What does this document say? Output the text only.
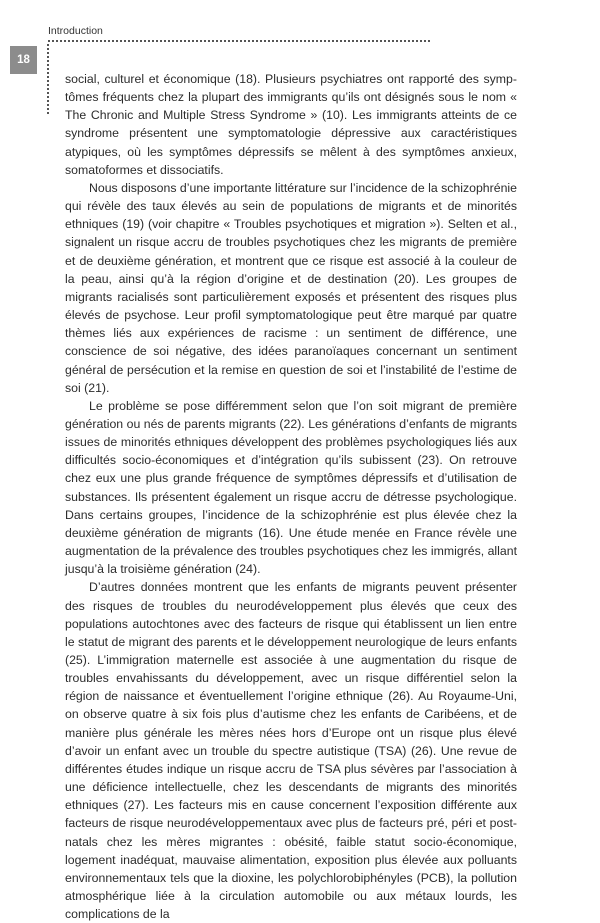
Introduction
18

social, culturel et économique (18). Plusieurs psychiatres ont rapporté des symptômes fréquents chez la plupart des immigrants qu’ils ont désignés sous le nom « The Chronic and Multiple Stress Syndrome » (10). Les immigrants atteints de ce syndrome présentent une symptomatologie dépressive aux caractéristiques atypiques, où les symptômes dépressifs se mêlent à des symptômes anxieux, somatoformes et dissociatifs.

Nous disposons d’une importante littérature sur l’incidence de la schizophrénie qui révèle des taux élevés au sein de populations de migrants et de minorités ethniques (19) (voir chapitre « Troubles psychotiques et migration »). Selten et al., signalent un risque accru de troubles psychotiques chez les migrants de première et de deuxième génération, et montrent que ce risque est associé à la couleur de la peau, ainsi qu’à la région d’origine et de destination (20). Les groupes de migrants racialisés sont particulièrement exposés et présentent des risques plus élevés de psychose. Leur profil symptomatologique peut être marqué par quatre thèmes liés aux expériences de racisme : un sentiment de différence, une conscience de soi négative, des idées paranoïaques concernant un sentiment général de persécution et la remise en question de soi et l’instabilité de l’estime de soi (21).

Le problème se pose différemment selon que l’on soit migrant de première génération ou nés de parents migrants (22). Les générations d’enfants de migrants issues de minorités ethniques développent des problèmes psychologiques liés aux difficultés socio-économiques et d’intégration qu’ils subissent (23). On retrouve chez eux une plus grande fréquence de symptômes dépressifs et d’utilisation de substances. Ils présentent également un risque accru de détresse psychologique. Dans certains groupes, l’incidence de la schizophrénie est plus élevée chez la deuxième génération de migrants (16). Une étude menée en France révèle une augmentation de la prévalence des troubles psychotiques chez les immigrés, allant jusqu’à la troisième génération (24).

D’autres données montrent que les enfants de migrants peuvent présenter des risques de troubles du neurodéveloppement plus élevés que ceux des populations autochtones avec des facteurs de risque qui établissent un lien entre le statut de migrant des parents et le développement neurologique de leurs enfants (25). L’immigration maternelle est associée à une augmentation du risque de troubles envahissants du développement, avec un risque différentiel selon la région de naissance et éventuellement l’origine ethnique (26). Au Royaume-Uni, on observe quatre à six fois plus d’autisme chez les enfants de Caribéens, et de manière plus générale les mères nées hors d’Europe ont un risque plus élevé d’avoir un enfant avec un trouble du spectre autistique (TSA) (26). Une revue de différentes études indique un risque accru de TSA plus sévères par l’association à une déficience intellectuelle, chez les descendants de migrants des minorités ethniques (27). Les facteurs mis en cause concernent l’exposition différente aux facteurs de risque neurodéveloppementaux avec plus de facteurs pré, péri et post-natals chez les mères migrantes : obésité, faible statut socio-économique, logement inadéquat, mauvaise alimentation, exposition plus élevée aux polluants environnementaux tels que la dioxine, les polychlorobiphényles (PCB), la pollution atmosphérique liée à la circulation automobile ou aux métaux lourds, les complications de la
